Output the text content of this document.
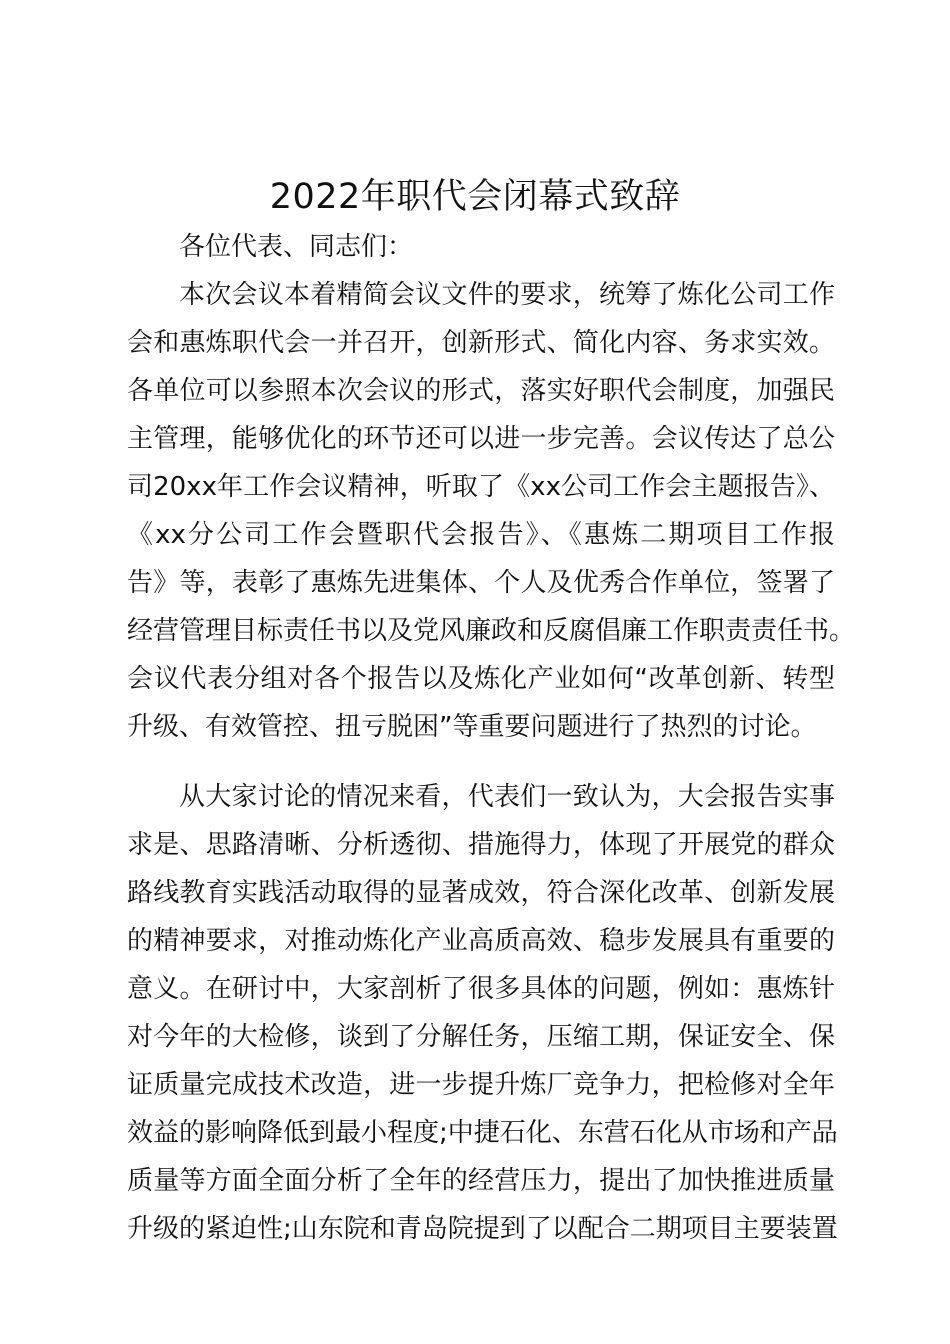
2022年职代会闭幕式致辞

各位代表、同志们：

本次会议本着精简会议文件的要求，统筹了炼化公司工作
会和惠炼职代会一并召开，创新形式、简化内容、务求实效。
各单位可以参照本次会议的形式，落实好职代会制度，加强民
主管理，能够优化的环节还可以进一步完善。会议传达了总公
司20xx年工作会议精神，听取了《xx公司工作会主题报告》、
《xx分公司工作会暨职代会报告》、《惠炼二期项目工作报
告》等，表彰了惠炼先进集体、个人及优秀合作单位，签署了
经营管理目标责任书以及党风廉政和反腐倡廉工作职责责任书。
会议代表分组对各个报告以及炼化产业如何“改革创新、转型
升级、有效管控、扭亏脱困”等重要问题进行了热烈的讨论。
从大家讨论的情况来看，代表们一致认为，大会报告实事
求是、思路清晰、分析透彻、措施得力，体现了开展党的群众
路线教育实践活动取得的显著成效，符合深化改革、创新发展
的精神要求，对推动炼化产业高质高效、稳步发展具有重要的
意义。在研讨中，大家剖析了很多具体的问题，例如：惠炼针
对今年的大检修，谈到了分解任务，压缩工期，保证安全、保
证质量完成技术改造，进一步提升炼厂竞争力，把检修对全年
效益的影响降低到最小程度;中捷石化、东营石化从市场和产品
质量等方面全面分析了全年的经营压力，提出了加快推进质量
升级的紧迫性;山东院和青岛院提到了以配合二期项目主要装置
